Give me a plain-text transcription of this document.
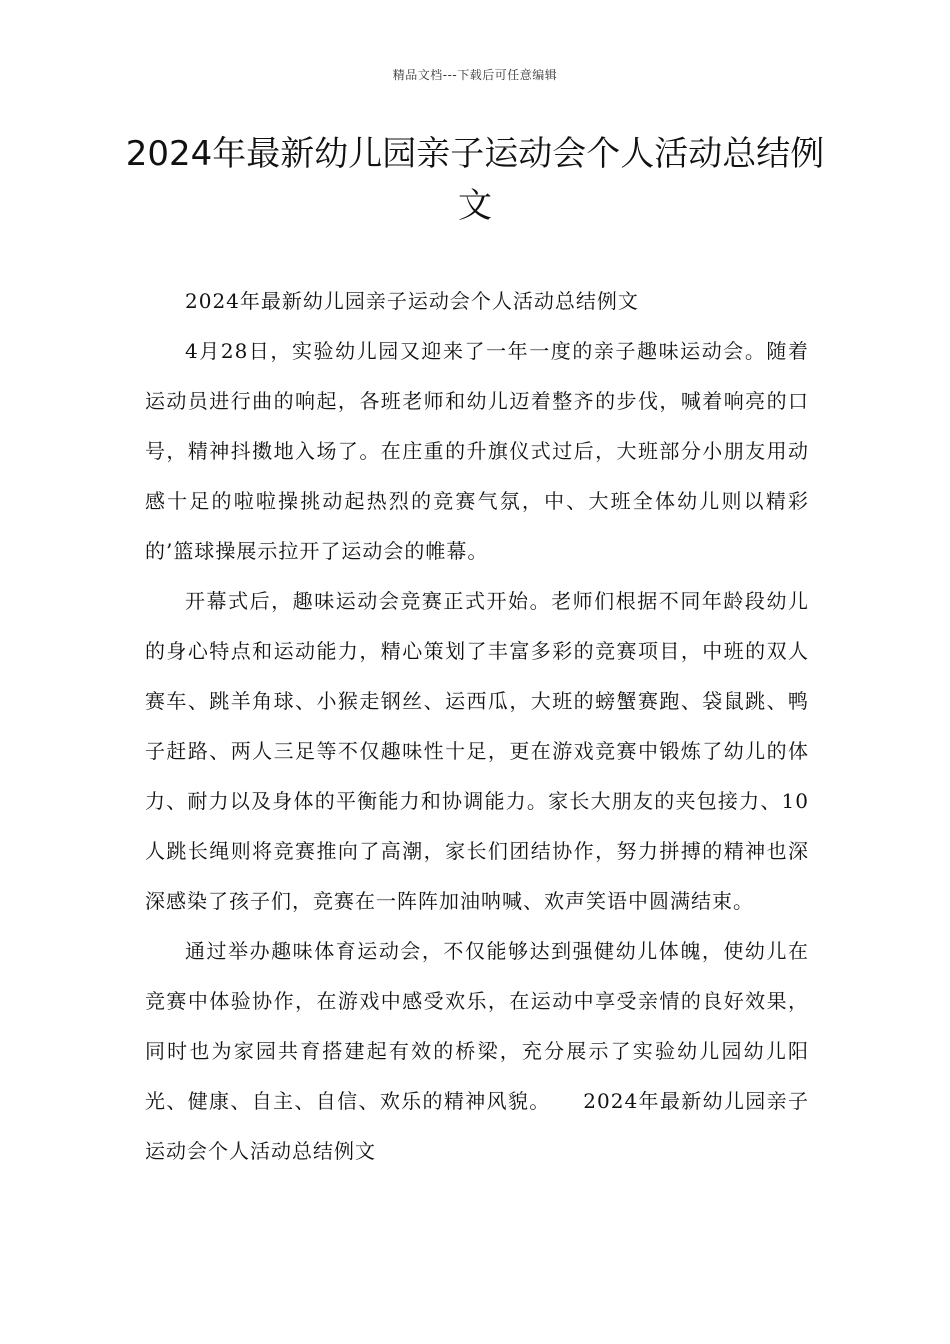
精品文档---下载后可任意编辑
2024年最新幼儿园亲子运动会个人活动总结例文

2024年最新幼儿园亲子运动会个人活动总结例文

4月28日，实验幼儿园又迎来了一年一度的亲子趣味运动会。随着运动员进行曲的响起，各班老师和幼儿迈着整齐的步伐，喊着响亮的口号，精神抖擞地入场了。在庄重的升旗仪式过后，大班部分小朋友用动感十足的啦啦操挑动起热烈的竞赛气氛，中、大班全体幼儿则以精彩的’篮球操展示拉开了运动会的帷幕。

开幕式后，趣味运动会竞赛正式开始。老师们根据不同年龄段幼儿的身心特点和运动能力，精心策划了丰富多彩的竞赛项目，中班的双人赛车、跳羊角球、小猴走钢丝、运西瓜，大班的螃蟹赛跑、袋鼠跳、鸭子赶路、两人三足等不仅趣味性十足，更在游戏竞赛中锻炼了幼儿的体力、耐力以及身体的平衡能力和协调能力。家长大朋友的夹包接力、10人跳长绳则将竞赛推向了高潮，家长们团结协作，努力拼搏的精神也深深感染了孩子们，竞赛在一阵阵加油呐喊、欢声笑语中圆满结束。

通过举办趣味体育运动会，不仅能够达到强健幼儿体魄，使幼儿在竞赛中体验协作，在游戏中感受欢乐，在运动中享受亲情的良好效果，同时也为家园共育搭建起有效的桥梁，充分展示了实验幼儿园幼儿阳光、健康、自主、自信、欢乐的精神风貌。　　2024年最新幼儿园亲子运动会个人活动总结例文
